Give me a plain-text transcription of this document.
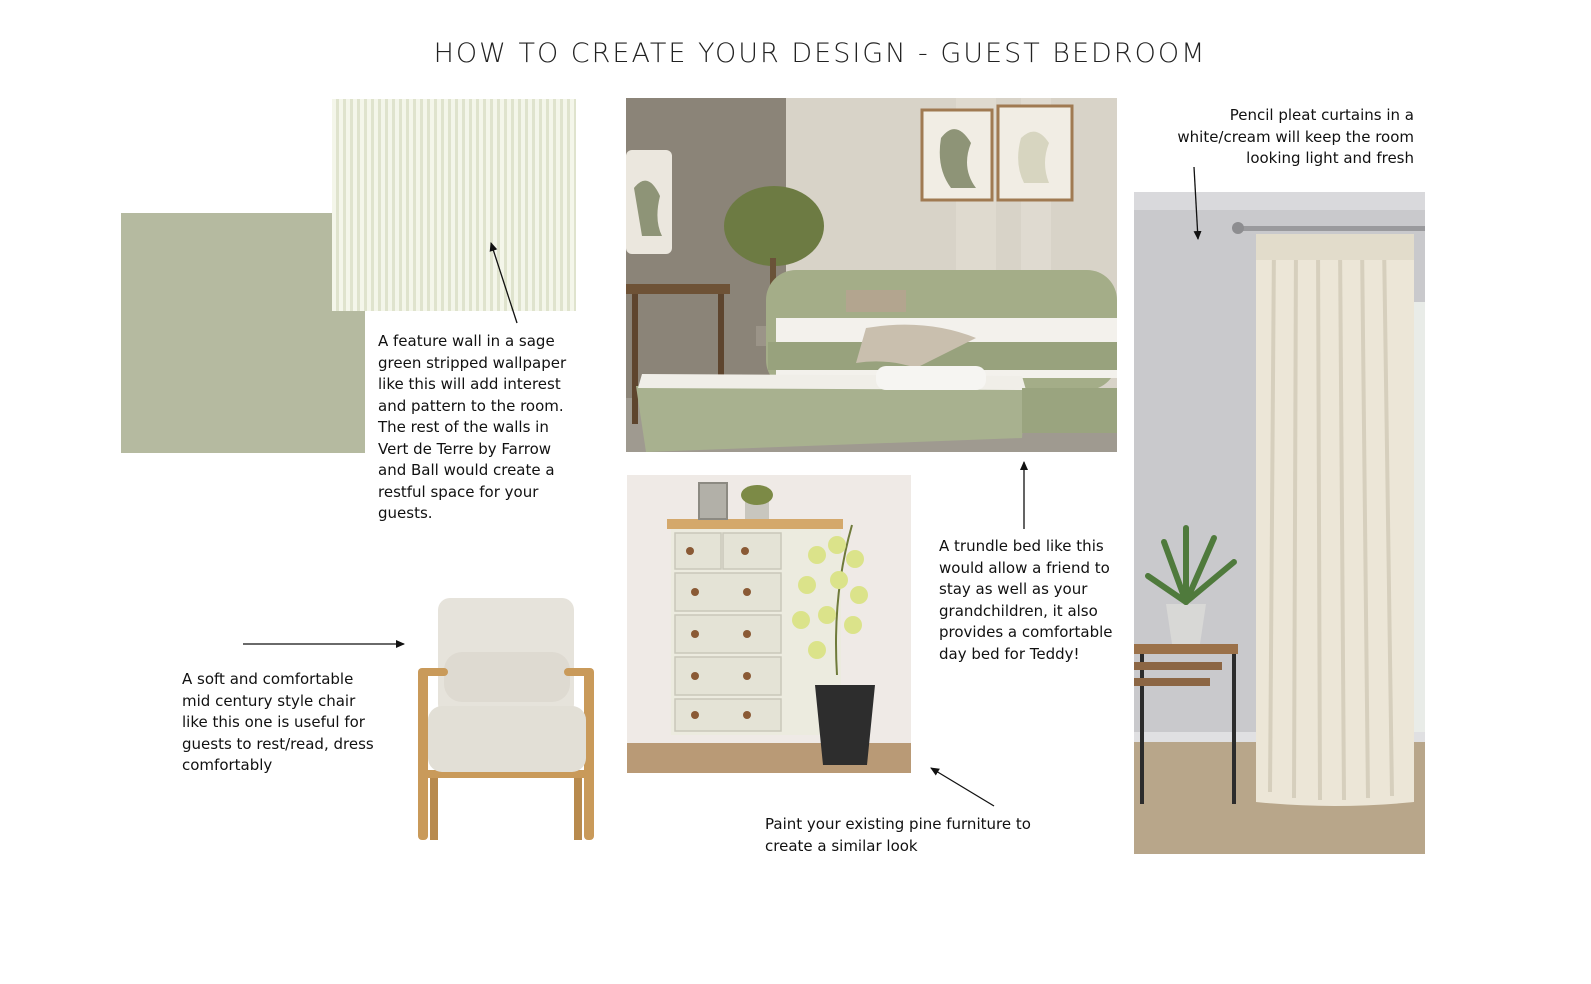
HOW TO CREATE YOUR DESIGN - GUEST BEDROOM
A feature wall in a sage green stripped wallpaper like this will add interest and pattern to the room. The rest of the walls in Vert de Terre by Farrow and Ball would create a restful space for your guests.
Pencil pleat curtains in a white/cream will keep the room looking light and fresh
A trundle bed like this would allow a friend to stay as well as your grandchildren, it also provides a comfortable day bed for Teddy!
A soft and comfortable mid century style chair like this one is useful for guests to rest/read, dress comfortably
Paint your existing pine furniture to create a similar look
